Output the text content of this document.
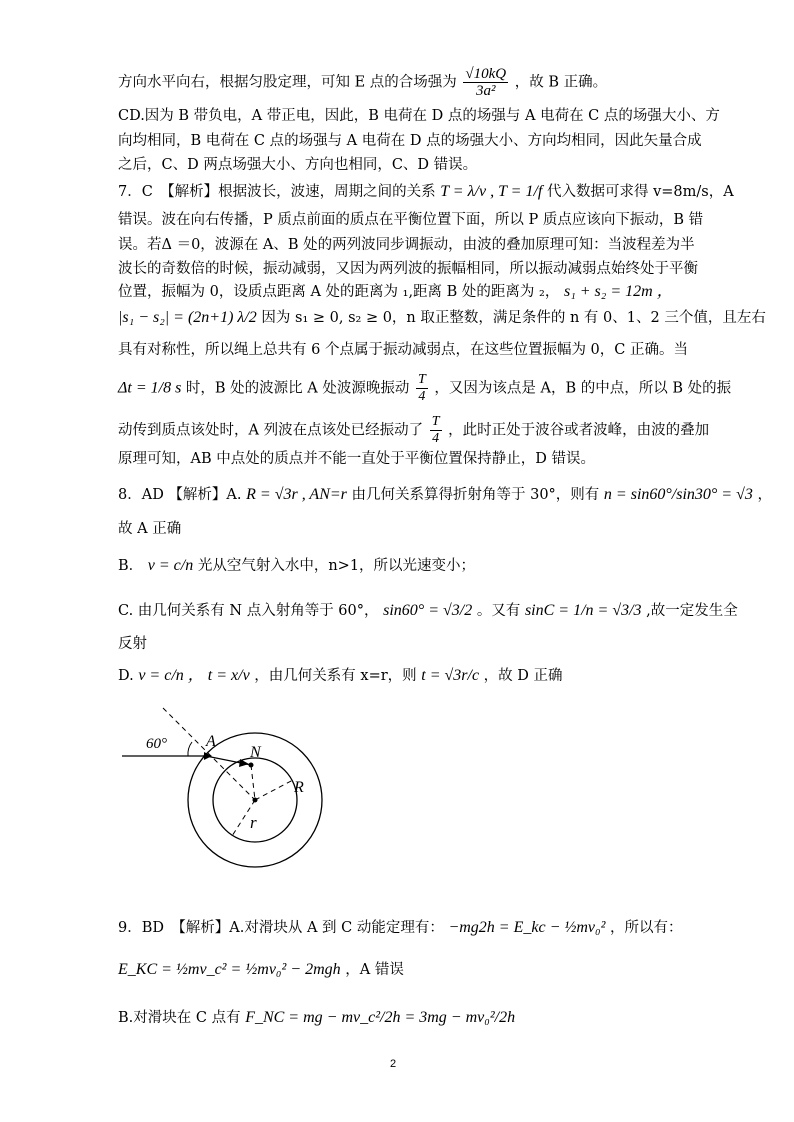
方向水平向右，根据匀股定理，可知 E 点的合场强为 $\frac{√10kQ}{\text{3a²}}$ ，故 B 正确。
CD.因为 B 带负电，A 带正电，因此，B 电荷在 D 点的场强与 A 电荷在 C 点的场强大小、方
向均相同，B 电荷在 C 点的场强与 A 电荷在 D 点的场强大小、方向均相同，因此矢量合成
之后，C、D 两点场强大小、方向也相同，C、D 错误。
7．C　【解析】根据波长，波速，周期之间的关系 T = λ/v , T = 1/f 代入数据可求得 v=8m/s，A
错误。波在向右传播，P 质点前面的质点在平衡位置下面，所以 P 质点应该向下振动，B 错
误。若Δ ＝0，波源在 A、B 处的两列波同步调振动，由波的叠加原理可知：当波程差为半
波长的奇数倍的时候，振动减弱，又因为两列波的振幅相同，所以振动减弱点始终处于平衡
位置，振幅为 0，设质点距离 A 处的距离为 ₁,距离 B 处的距离为 ₂， s₁ + s₂ = 12m ，
|s₁ − s₂| = (2n+1) λ/2 因为 s₁ ≥ 0, s₂ ≥ 0，n 取正整数，满足条件的 n 有 0、1、2 三个值，且左右
具有对称性，所以绳上总共有 6 个点属于振动减弱点，在这些位置振幅为 0，C 正确。当
Δt = 1/8 s 时，B 处的波源比 A 处波源晚振动 $\frac{T}{4}$ ，又因为该点是 A，B 的中点，所以 B 处的振
动传到质点该处时，A 列波在点该处已经振动了 $\frac{T}{4}$ ，此时正处于波谷或者波峰，由波的叠加
原理可知，AB 中点处的质点并不能一直处于平衡位置保持静止，D 错误。
8．AD 【解析】A. R = √3r , AN=r 由几何关系算得折射角等于 30°，则有 n = sin60°/sin30° = √3 ，
故 A 正确
B． v = c/n 光从空气射入水中，n>1，所以光速变小；
C. 由几何关系有 N 点入射角等于 60°， sin60° = √3/2 。又有 sinC = 1/n = √3/3 ,故一定发生全
反射
D. v = c/n ， t = x/v ，由几何关系有 x=r，则 t = √3r/c ，故 D 正确
60° A
N
R
r
9．BD　【解析】A.对滑块从 A 到 C 动能定理有： −mg2h = E_kc − ½mv₀² ，所以有：
E_KC = ½mv_c² = ½mv₀² − 2mgh ，A 错误
B.对滑块在 C 点有 F_NC = mg − mv_c²/2h = 3mg − mv₀²/2h
2
